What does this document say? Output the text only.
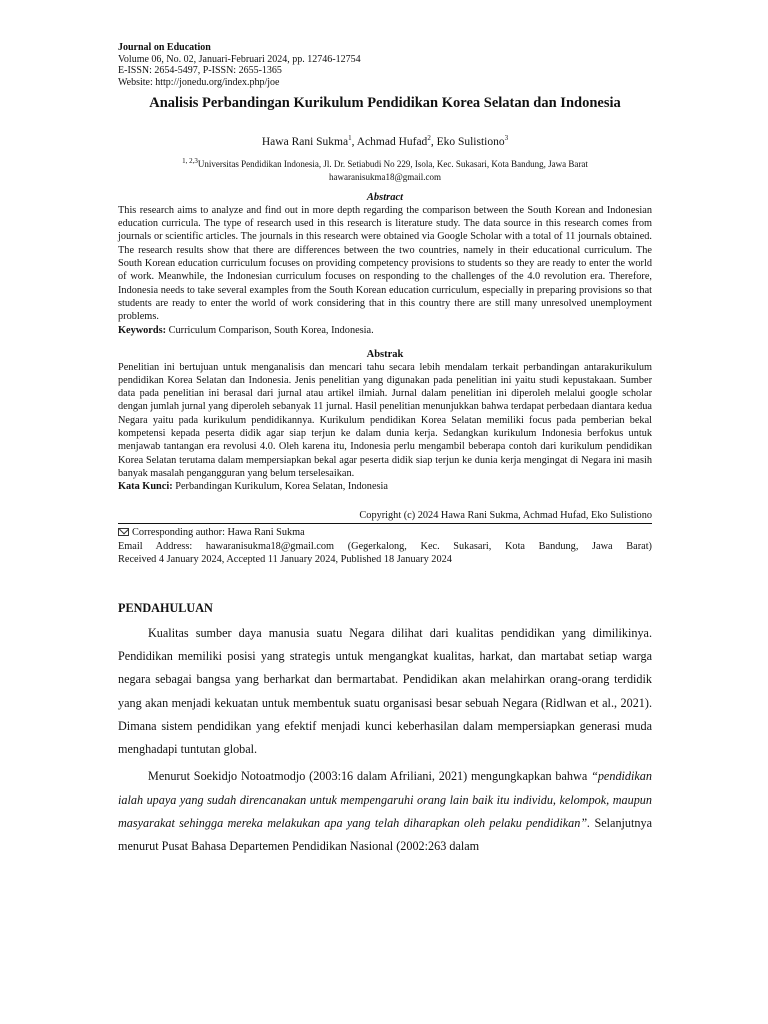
Journal on Education
Volume 06, No. 02, Januari-Februari 2024, pp. 12746-12754
E-ISSN: 2654-5497, P-ISSN: 2655-1365
Website: http://jonedu.org/index.php/joe
Analisis Perbandingan Kurikulum Pendidikan Korea Selatan dan Indonesia
Hawa Rani Sukma$^1$, Achmad Hufad$^2$, Eko Sulistiono$^3$
$^{1, 2,3}$Universitas Pendidikan Indonesia, Jl. Dr. Setiabudi No 229, Isola, Kec. Sukasari, Kota Bandung, Jawa Barat
hawaranisukma18@gmail.com
Abstract
This research aims to analyze and find out in more depth regarding the comparison between the South Korean and Indonesian education curricula. The type of research used in this research is literature study. The data source in this research comes from journals or scientific articles. The journals in this research were obtained via Google Scholar with a total of 11 journals obtained. The research results show that there are differences between the two countries, namely in their educational curriculum. The South Korean education curriculum focuses on providing competency provisions to students so they are ready to enter the world of work. Meanwhile, the Indonesian curriculum focuses on responding to the challenges of the 4.0 revolution era. Therefore, Indonesia needs to take several examples from the South Korean education curriculum, especially in preparing provisions so that students are ready to enter the world of work considering that in this country there are still many unresolved unemployment problems.
Keywords: Curriculum Comparison, South Korea, Indonesia.
Abstrak
Penelitian ini bertujuan untuk menganalisis dan mencari tahu secara lebih mendalam terkait perbandingan antarakurikulum pendidikan Korea Selatan dan Indonesia. Jenis penelitian yang digunakan pada penelitian ini yaitu studi kepustakaan. Sumber data pada penelitian ini berasal dari jurnal atau artikel ilmiah. Jurnal dalam penelitian ini diperoleh melalui google scholar dengan jumlah jurnal yang diperoleh sebanyak 11 jurnal. Hasil penelitian menunjukkan bahwa terdapat perbedaan diantara kedua Negara yaitu pada kurikulum pendidikannya. Kurikulum pendidikan Korea Selatan memiliki focus pada pemberian bekal kompetensi kepada peserta didik agar siap terjun ke dalam dunia kerja. Sedangkan kurikulum Indonesia berfokus untuk menjawab tantangan era revolusi 4.0. Oleh karena itu, Indonesia perlu mengambil beberapa contoh dari kurikulum pendidikan Korea Selatan terutama dalam mempersiapkan bekal agar peserta didik siap terjun ke dunia kerja mengingat di Negara ini masih banyak masalah pengangguran yang belum terselesaikan.
Kata Kunci: Perbandingan Kurikulum, Korea Selatan, Indonesia
Copyright (c) 2024 Hawa Rani Sukma, Achmad Hufad, Eko Sulistiono
Corresponding author: Hawa Rani Sukma
Email Address: hawaranisukma18@gmail.com (Gegerkalong, Kec. Sukasari, Kota Bandung, Jawa Barat)
Received 4 January 2024, Accepted 11 January 2024, Published 18 January 2024
PENDAHULUAN
Kualitas sumber daya manusia suatu Negara dilihat dari kualitas pendidikan yang dimilikinya. Pendidikan memiliki posisi yang strategis untuk mengangkat kualitas, harkat, dan martabat setiap warga negara sebagai bangsa yang berharkat dan bermartabat. Pendidikan akan melahirkan orang-orang terdidik yang akan menjadi kekuatan untuk membentuk suatu organisasi besar sebuah Negara (Ridlwan et al., 2021). Dimana sistem pendidikan yang efektif menjadi kunci keberhasilan dalam mempersiapkan generasi muda menghadapi tuntutan global.
Menurut Soekidjo Notoatmodjo (2003:16 dalam Afriliani, 2021) mengungkapkan bahwa “pendidikan ialah upaya yang sudah direncanakan untuk mempengaruhi orang lain baik itu individu, kelompok, maupun masyarakat sehingga mereka melakukan apa yang telah diharapkan oleh pelaku pendidikan”. Selanjutnya menurut Pusat Bahasa Departemen Pendidikan Nasional (2002:263 dalam
